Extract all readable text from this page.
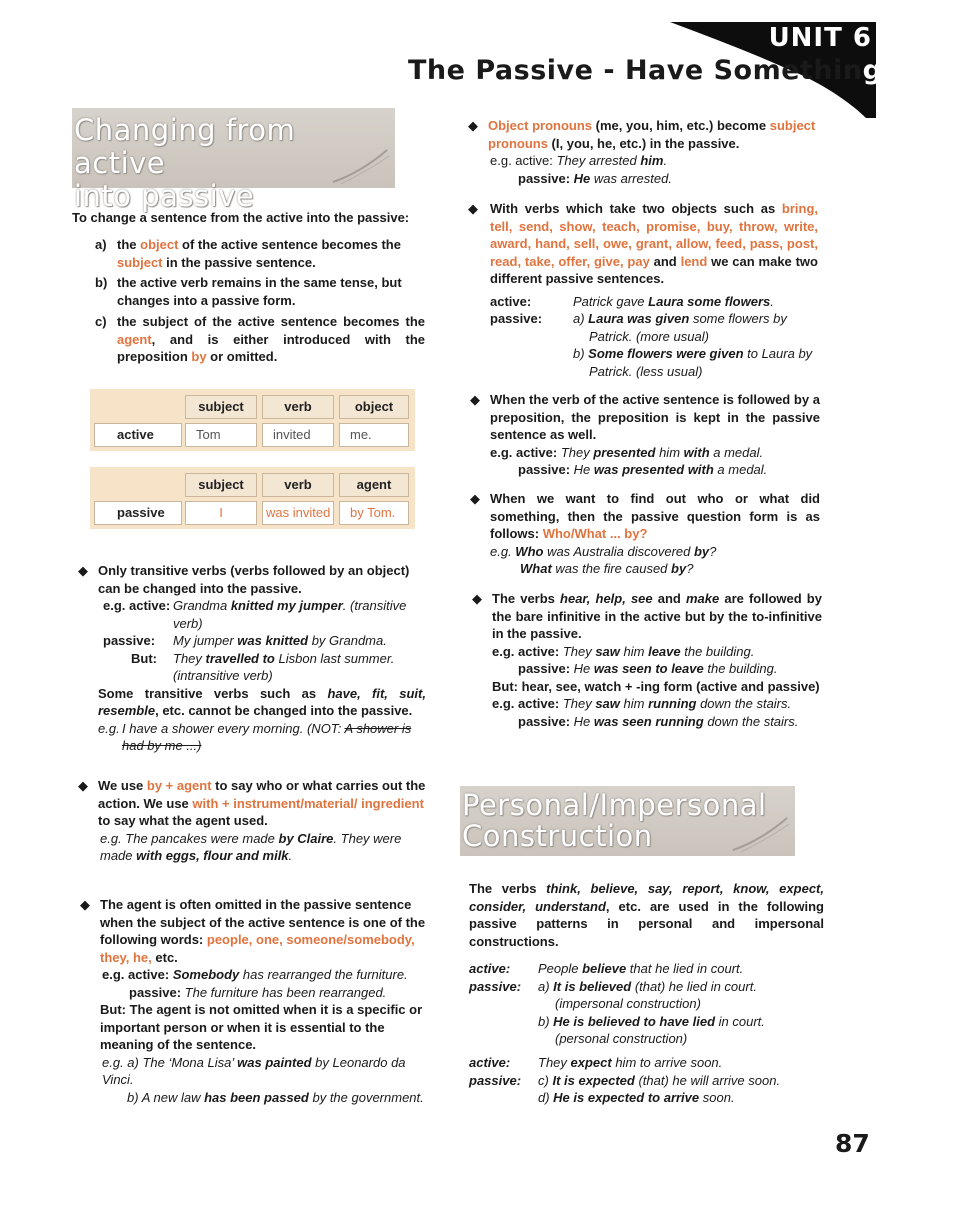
UNIT 6
The Passive - Have Something Done
Changing from active
into passive
To change a sentence from the active into the passive:
a) the object of the active sentence becomes the subject in the passive sentence.
b) the active verb remains in the same tense, but changes into a passive form.
c) the subject of the active sentence becomes the agent, and is either introduced with the preposition by or omitted.
subject	verb	object
active	Tom	invited	me.
subject	verb	agent
passive	I	was invited	by Tom.
◆ Only transitive verbs (verbs followed by an object) can be changed into the passive.
e.g. active: Grandma knitted my jumper. (transitive verb)
passive: My jumper was knitted by Grandma.
But: They travelled to Lisbon last summer. (intransitive verb)
Some transitive verbs such as have, fit, suit, resemble, etc. cannot be changed into the passive.
e.g. I have a shower every morning. (NOT: A shower is had by me ...)
◆ We use by + agent to say who or what carries out the action. We use with + instrument/material/ ingredient to say what the agent used.
e.g. The pancakes were made by Claire. They were made with eggs, flour and milk.
◆ The agent is often omitted in the passive sentence when the subject of the active sentence is one of the following words: people, one, someone/somebody, they, he, etc.
e.g. active: Somebody has rearranged the furniture.
passive: The furniture has been rearranged.
But: The agent is not omitted when it is a specific or important person or when it is essential to the meaning of the sentence.
e.g. a) The ‘Mona Lisa’ was painted by Leonardo da Vinci.
b) A new law has been passed by the government.
◆ Object pronouns (me, you, him, etc.) become subject pronouns (I, you, he, etc.) in the passive.
e.g. active: They arrested him.
passive: He was arrested.
◆ With verbs which take two objects such as bring, tell, send, show, teach, promise, buy, throw, write, award, hand, sell, owe, grant, allow, feed, pass, post, read, take, offer, give, pay and lend we can make two different passive sentences.
active:	Patrick gave Laura some flowers.
passive: a) Laura was given some flowers by Patrick. (more usual)
b) Some flowers were given to Laura by Patrick. (less usual)
◆ When the verb of the active sentence is followed by a preposition, the preposition is kept in the passive sentence as well.
e.g. active: They presented him with a medal.
passive: He was presented with a medal.
◆ When we want to find out who or what did something, then the passive question form is as follows: Who/What ... by?
e.g. Who was Australia discovered by?
What was the fire caused by?
◆ The verbs hear, help, see and make are followed by the bare infinitive in the active but by the to-infinitive in the passive.
e.g. active: They saw him leave the building.
passive: He was seen to leave the building.
But: hear, see, watch + -ing form (active and passive)
e.g. active: They saw him running down the stairs.
passive: He was seen running down the stairs.
Personal/Impersonal
Construction
The verbs think, believe, say, report, know, expect, consider, understand, etc. are used in the following passive patterns in personal and impersonal constructions.
active: People believe that he lied in court.
passive: a) It is believed (that) he lied in court.
(impersonal construction)
b) He is believed to have lied in court.
(personal construction)
active: They expect him to arrive soon.
passive: c) It is expected (that) he will arrive soon.
d) He is expected to arrive soon.
87
